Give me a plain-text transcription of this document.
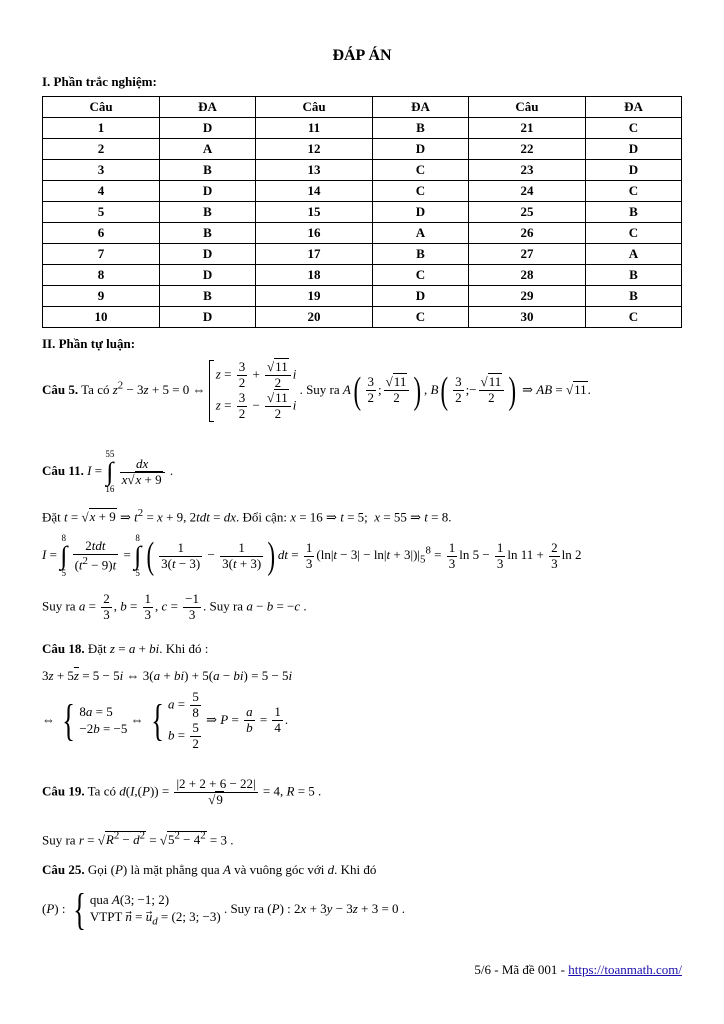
ĐÁP ÁN
I. Phần trắc nghiệm:
Câu	ĐA	Câu	ĐA	Câu	ĐA
1	D	11	B	21	C
2	A	12	D	22	D
3	B	13	C	23	D
4	D	14	C	24	C
5	B	15	D	25	B
6	B	16	A	26	C
7	D	17	B	27	A
8	D	18	C	28	B
9	B	19	D	29	B
10	D	20	C	30	C
II. Phần tự luận:
Câu 5. Ta có $z^2 - 3z + 5 = 0$ ⇔
$z = \frac{3}{2} + \frac{√11}{2}$ i
$z = \frac{3}{2} - \frac{√11}{2}$ i
. Suy ra $A( \frac{3}{2}$ ; $\frac{√11}{2}$ ) , $B( \frac{3}{2}$ ;− $\frac{√11}{2}$ ) ⇒ AB = √11.
Câu 11. I = 55
∫
16
$\frac{dx}{x√x + 9}$ .
Đặt t = √x + 9 ⇒ $t^2 = x + 9$, 2tdt = dx. Đổi cận: x = 16 ⇒ t = 5;  x = 55 ⇒ t = 8.
I = 8
∫
$5 \frac{\text{2tdt}}{(t^2 - 9)t} = 8$
∫
5 ( $\frac{1}{3(t - 3)} - \frac{1}{3(t + 3)}$ ) dt = $\frac{1}{3} (\ln|t - 3| - \ln|t + 3|)|_5^8 = \frac{1}{3}$ $\ln 5 - \frac{1}{3}$ $\ln 11 + \frac{2}{3}$ ln 2
Suy ra $a = \frac{2}{3}$ , $b = \frac{1}{3}$ , $c = \frac{-1}{3}$ . Suy ra a − b = −c .
Câu 18. Đặt z = a + bi. Khi đó :
$3z + 5\overline{z} = 5 - 5i$ ⇔ 3(a + bi) + 5(a − bi) = 5 − 5i
⇔ { 8a = 5
−2b = −5
⇔ { $a = \frac{5}{8}$
$b = \frac{5}{2}$
⇒ $P = \frac{a}{b} = \frac{1}{4}$ .
Câu 19. Ta có $d(I,(P)) = \frac{|2 + 2 + 6 - 22|}{√9} = 4$, R = 5 .
Suy ra $r = √R^2 - d^2 = √5^2 - 4^2 = 3$ .
Câu 25. Gọi (P) là mặt phẳng qua A và vuông góc với d. Khi đó
(P) : { qua A(3; −1; 2)
VTPT n⃗ = $u_d = (2$; 3; −3)
. Suy ra (P) : 2x + 3y − 3z + 3 = 0 .
5/6 - Mã đề 001 - https://toanmath.com/
